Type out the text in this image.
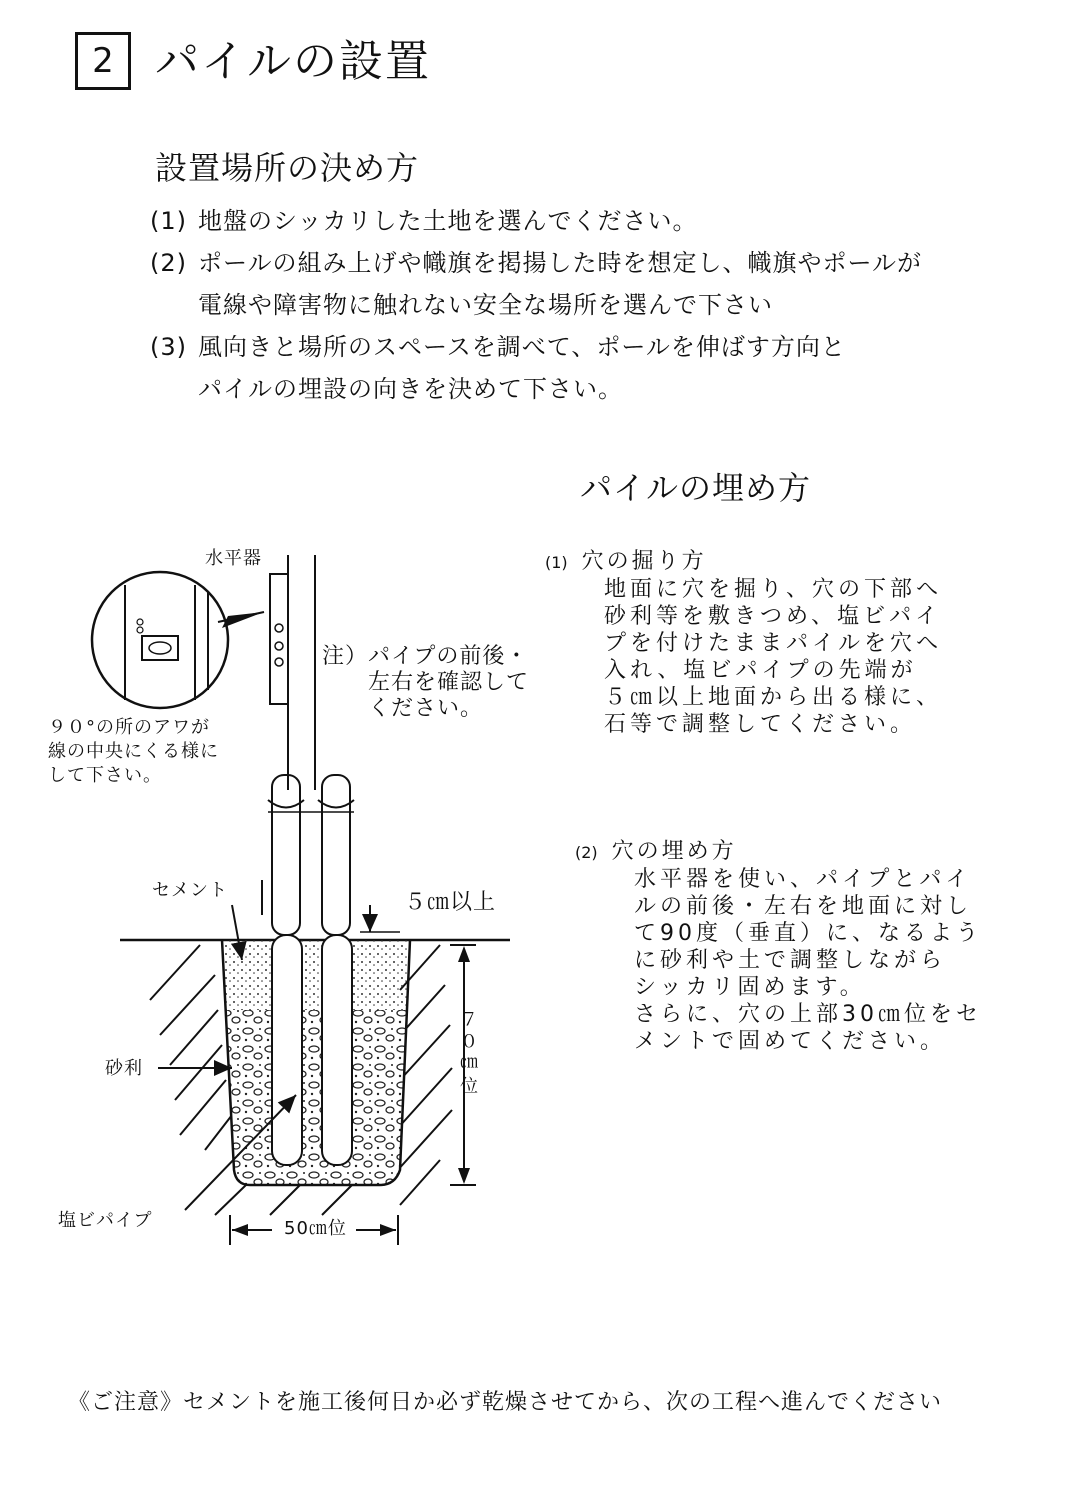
2 パイルの設置
設置場所の決め方
(1) 地盤のシッカリした土地を選んでください。
(2) ポールの組み上げや幟旗を掲揚した時を想定し、幟旗やポールが
電線や障害物に触れない安全な場所を選んで下さい
(3) 風向きと場所のスペースを調べて、ポールを伸ばす方向と
パイルの埋設の向きを決めて下さい。
パイルの埋め方
(1) 穴の掘り方
地面に穴を掘り、穴の下部へ
砂利等を敷きつめ、塩ビパイ
プを付けたままパイルを穴へ
入れ、塩ビパイプの先端が
５㎝以上地面から出る様に、
石等で調整してください。
(2) 穴の埋め方
水平器を使い、パイプとパイ
ルの前後・左右を地面に対し
て90度（垂直）に、なるよう
に砂利や土で調整しながら
シッカリ固めます。
さらに、穴の上部30㎝位をセ
メントで固めてください。
水平器
９０°の所のアワが
線の中央にくる様に
して下さい。
注） パイプの前後・
左右を確認して
ください。
セメント
砂利
塩ビパイプ
５㎝以上
７０㎝位
50㎝位
《ご注意》セメントを施工後何日か必ず乾燥させてから、次の工程へ進んでください
